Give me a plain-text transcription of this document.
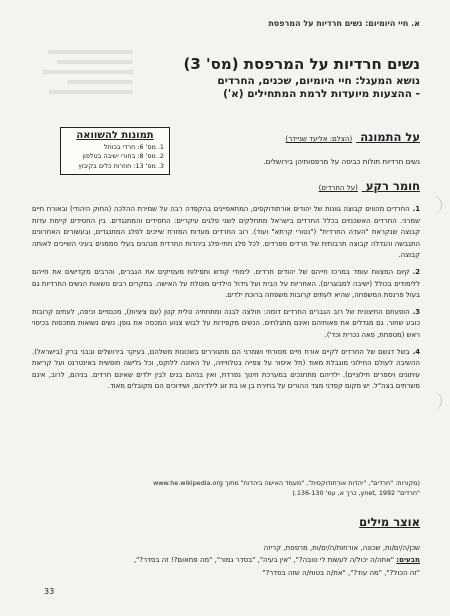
א. חיי היומיום: נשים חרדיות על המרפסת
נשים חרדיות על המרפסת (מס' 3)
נושא המעגל: חיי היומיום, שכנים, החרדים
- ההצעות מיועדות לרמת המתחילים (א')
תמונות להשוואה
1. מס' 6: חרדי בכותל
2. מס' 8: בחורי ישיבה בטלפון
3. מס' 13: חוזרות כלים בקיבוץ
על התמונה (הצלם: אליעד שניידר)
נשים חרדיות תולות כביסה על מרפסותיהן בירושלים.
חומר רקע (על החרדים)
1.החרדים מהווים קבוצה גוונות של יהודים אורתודוקסים, המתאפיינים בהקפדה רבה על שמירת ההלכה (החוק היהודי) ובאורח חיים שמרני. החרדים האשכנזים בכלל החרדים בישראל מתחלקים לשני פלגים עיקריים: החסידים והמתנגדים. בין החסידים קיימת עדות קבוצה שנקראת "העדה החרדית" ("נטורי קרתא" ועוד). רוב החרדים מעדות המזרח שייכים לפלג המתנגדים, ובעשורים האחרונים התגבשה והגדלה קבוצה תרבותית של חרדים ספרדים. לכל פלג תתי-פלג ביהדות החרדית מנהגים בעלי סממנים בעיני השייכים לאותה קבוצה.
2.קיום המצוות עומד במרכז חייהם של יהודים חרדים. לימודי קודש ותפילות מעסיקים את הגברים, והרבים מקדישים את חייהם ללימודים בכולל (ישיבה למבוגרים). האחריות על הבית ועל גידול הילדים מוטלת על האישה. במקרים רבים נושאות הנשים החרדיות גם בעול פרנסת המשפחה, שהיא לעתים קרובות משפחה ברוכת ילדים.
3.הופעתם החיצונית של רוב הגברים החרדים דומה: חולצה לבנה ומתחתיה טלית קטן (עם ציציות), מכנסיים וכיפה, לעתים קרובות כובע שחור. גם מגדלים את פאותיהם ואינם מתגלחים. הנשים מקפידות על לבוש צנוע המכסה את גופן. נשים נשואות מתכסות בכיסוי ראש (מטפחת, פאה נכרית וכד').
4.בשל דגשם של החרדים לקיים אורח חיים מסורתי ושמרני הם מתגוררים בשכונות משלהם, בעיקר בירושלים ובבני ברק (בישראל). ההשיבה לעולם החילוני מוגבלת מאוד (חל איסור על צפייה בטלוויזיה, על האזנה ללוקס, וכל גלישה חופשית באינטרנט ועל קריאת עיתונים ויספרים חילוניים). ילדיהם מתחנכים במערכת חינוך נפרדת, ואין בניהם בנים לבין ילדים שאינם חרדים. בניהם, לרוב, אינם משרתים בצה"ל. יש מקום קפדני מצד ההורים על בחירת בן או בת זוג לילדיהם, ושידוכים הם מקובלים מאוד.
(מקורות: "חרדים", "יהדות אורתודוקסית", "מעמד האישה ביהדות" מתוך www.he.wikipedia.org
"חרדים" ynet, 1992, כרך א, עמ' 136-130.)
אוצר מילים
שכן/ה/ים/ות, שכונה, אורחות/ה/ים/ות, מרפסת, קריזה
מבעים: "אתה/ה יכול/ה לעשות לי טובה?", "אין בעיה", "בסדר גמור", "מה פתאום?! זה בסדר?",
"זה הכול?", "מה עוד?", "את/ה בטוח/ה שזה בסדר?"
33
